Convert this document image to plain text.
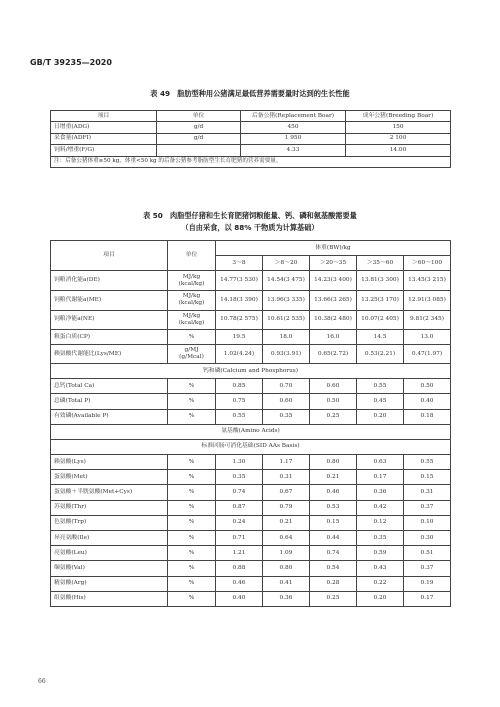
GB/T 39235—2020
表 49　脂肪型种用公猪满足最低营养需要量时达到的生长性能
项目	单位	后备公猪(Replacement Boar)	成年公猪(Breeding Boar)
日增重(ADG)	g/d	450	150
采食量(ADFI)	g/d	1 950	2 100
饲料/增重(F/G)		4.33	14.00
注：后备公猪体重≥50 kg，体重<50 kg 的后备公猪参考脂肪型生长育肥猪的营养需要量。			
表 50　肉脂型仔猪和生长育肥猪饲粮能量、钙、磷和氨基酸需要量
（自由采食，以 88% 干物质为计算基础）
项目	单位	体重(BW)/kg				
		3～8	＞8～20	＞20～35	＞35～60	＞60～100
饲粮消化能a(DE)	MJ/kg
(kcal/kg)	14.77(3 530)	14.54(3 475)	14.23(3 400)	13.81(3 300)	13.45(3 215)
饲粮代谢能a(ME)	MJ/kg
(kcal/kg)	14.18(3 390)	13.96(3 335)	13.66(3 265)	13.25(3 170)	12.91(3 085)
饲粮净能a(NE)	MJ/kg
(kcal/kg)	10.78(2 575)	10.61(2 535)	10.38(2 480)	10.07(2 405)	9.81(2 345)
粗蛋白质(CP)	%	19.5	18.0	16.0	14.5	13.0
赖氨酸代谢能比(Lys/ME)	g/MJ
(g/Mcal)	1.02(4.24)	0.93(3.91)	0.65(2.72)	0.53(2.21)	0.47(1.97)
钙和磷(Calcium and Phosphorus)						
总钙(Total Ca)	%	0.85	0.70	0.60	0.55	0.50
总磷(Total P)	%	0.75	0.60	0.50	0.45	0.40
有效磷(Available P)	%	0.55	0.35	0.25	0.20	0.18
氨基酸(Amino Acids)						
标准回肠可消化基础(SID AAs Basis)						
赖氨酸(Lys)	%	1.30	1.17	0.80	0.63	0.55
蛋氨酸(Met)	%	0.35	0.31	0.21	0.17	0.15
蛋氨酸＋半胱氨酸(Met+Cys)	%	0.74	0.67	0.46	0.36	0.31
苏氨酸(Thr)	%	0.87	0.79	0.53	0.42	0.37
色氨酸(Trp)	%	0.24	0.21	0.15	0.12	0.10
异亮氨酸(Ile)	%	0.71	0.64	0.44	0.35	0.30
亮氨酸(Leu)	%	1.21	1.09	0.74	0.59	0.51
缬氨酸(Val)	%	0.88	0.80	0.54	0.43	0.37
精氨酸(Arg)	%	0.46	0.41	0.28	0.22	0.19
组氨酸(His)	%	0.40	0.36	0.25	0.20	0.17
66
